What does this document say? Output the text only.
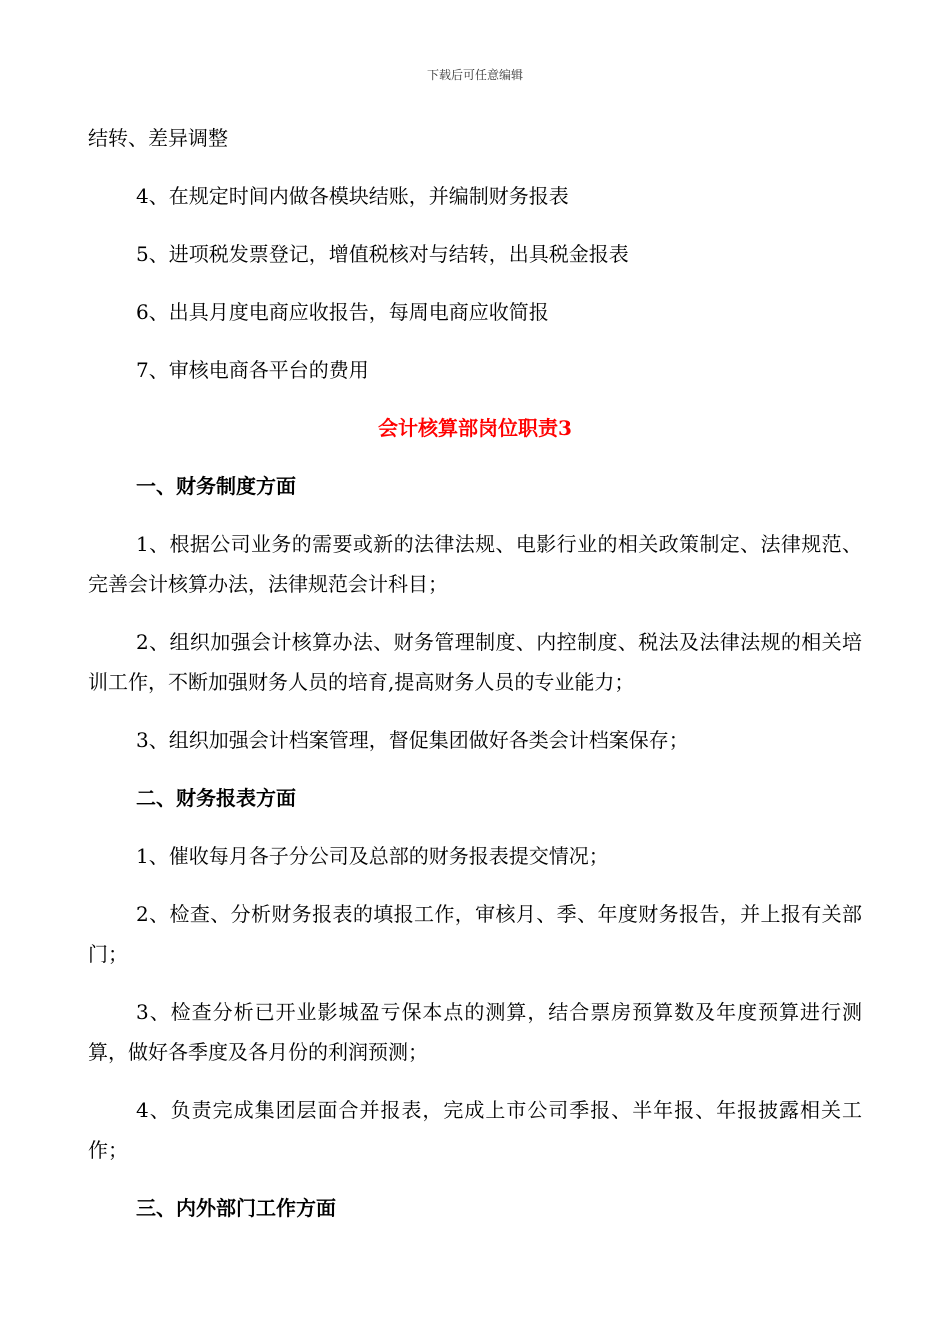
下载后可任意编辑

结转、差异调整

4、在规定时间内做各模块结账，并编制财务报表

5、进项税发票登记，增值税核对与结转，出具税金报表

6、出具月度电商应收报告，每周电商应收简报

7、审核电商各平台的费用

会计核算部岗位职责3
一、财务制度方面

1、根据公司业务的需要或新的法律法规、电影行业的相关政策制定、法律规范、完善会计核算办法，法律规范会计科目；

2、组织加强会计核算办法、财务管理制度、内控制度、税法及法律法规的相关培训工作，不断加强财务人员的培育,提高财务人员的专业能力；

3、组织加强会计档案管理，督促集团做好各类会计档案保存；

二、财务报表方面

1、催收每月各子分公司及总部的财务报表提交情况；

2、检查、分析财务报表的填报工作，审核月、季、年度财务报告，并上报有关部门；

3、检查分析已开业影城盈亏保本点的测算，结合票房预算数及年度预算进行测算，做好各季度及各月份的利润预测；

4、负责完成集团层面合并报表，完成上市公司季报、半年报、年报披露相关工作；

三、内外部门工作方面
